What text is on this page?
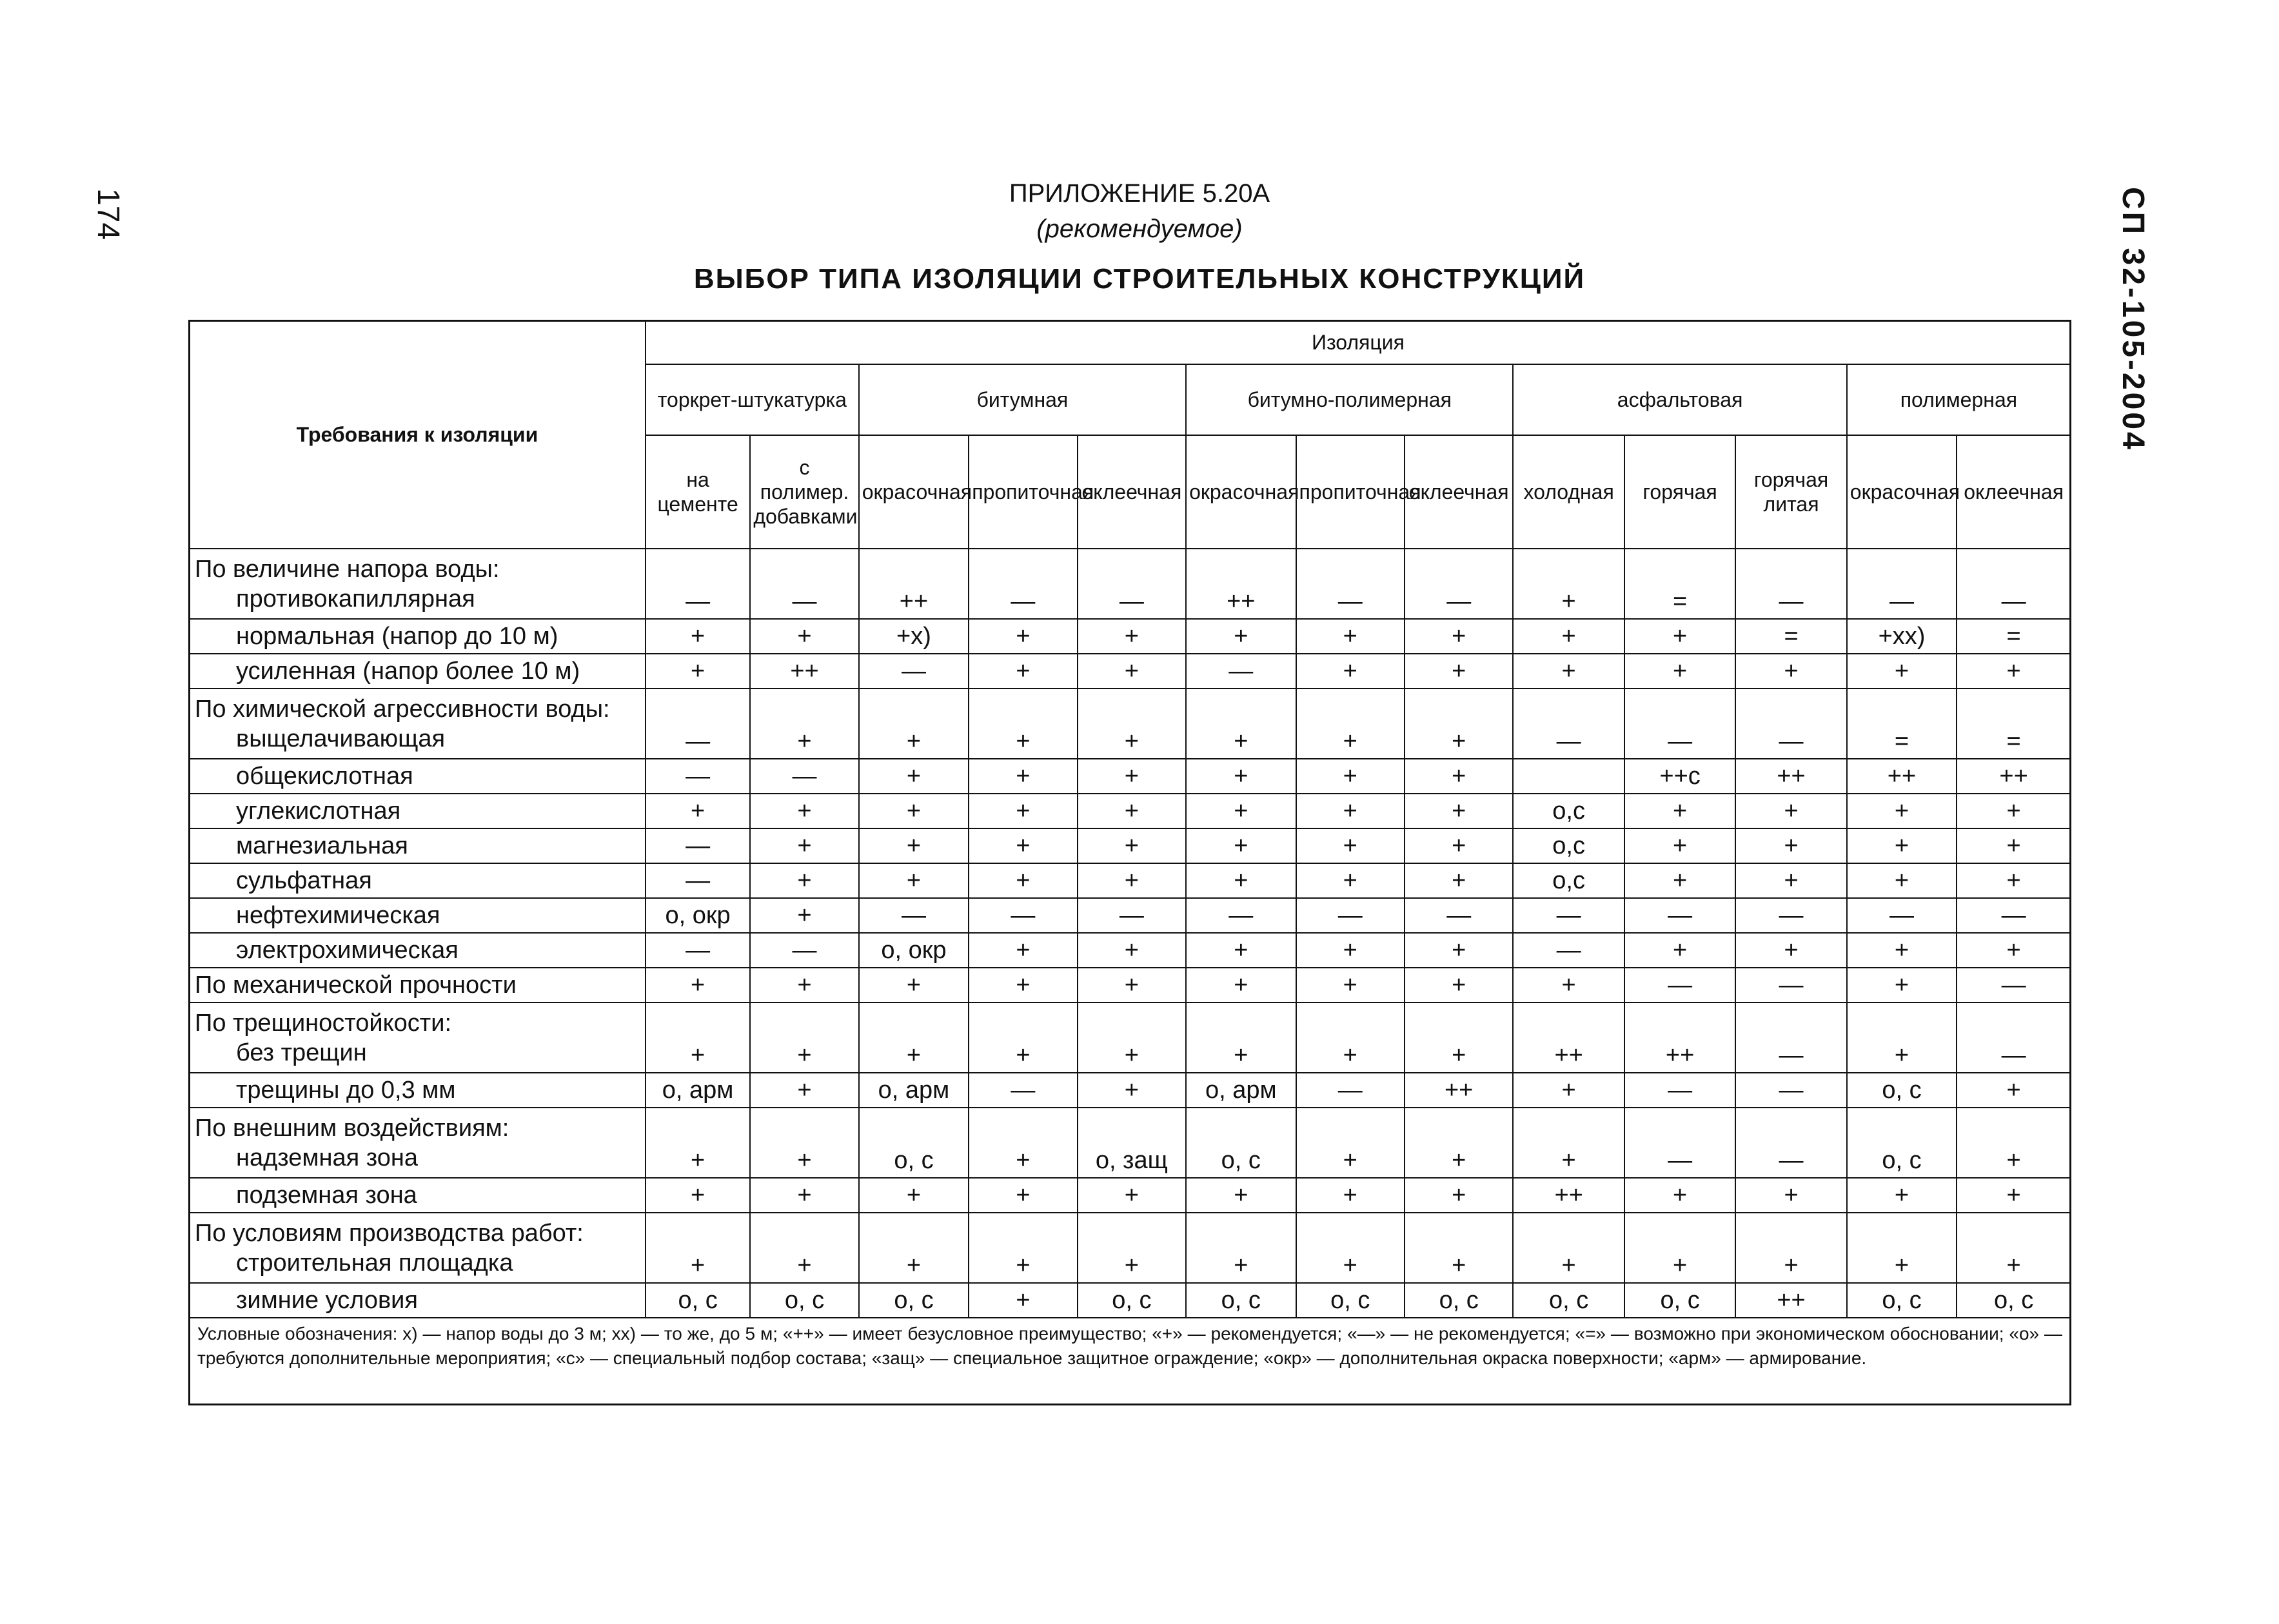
174	СП 32-105-2004
ПРИЛОЖЕНИЕ 5.20А
(рекомендуемое)
ВЫБОР ТИПА ИЗОЛЯЦИИ СТРОИТЕЛЬНЫХ КОНСТРУКЦИЙ
Требования к изоляции	Изоляция												
	торкрет-штукатурка		битумная			битумно-полимерная			асфальтовая			полимерная	
	на цементе	с полимер. добавками	окрасочная	пропиточная	оклеечная	окрасочная	пропиточная	оклеечная	холодная	горячая	горячая литая	окрасочная	оклеечная

По величине напора воды:
противокапиллярная	—	—	++	—	—	++	—	—	+	=	—	—	—

нормальная (напор до 10 м)	+	+	+х)	+	+	+	+	+	+	+	=	+хх)	=

усиленная (напор более 10 м)	+	++	—	+	+	—	+	+	+	+	+	+	+

По химической агрессивности воды:
выщелачивающая	—	+	+	+	+	+	+	+	—	—	—	=	=

общекислотная	—	—	+	+	+	+	+	+		++с	++	++	++

углекислотная	+	+	+	+	+	+	+	+	о,с	+	+	+	+

магнезиальная	—	+	+	+	+	+	+	+	о,с	+	+	+	+

сульфатная	—	+	+	+	+	+	+	+	о,с	+	+	+	+

нефтехимическая	о, окр	+	—	—	—	—	—	—	—	—	—	—	—

электрохимическая	—	—	о, окр	+	+	+	+	+	—	+	+	+	+

По механической прочности	+	+	+	+	+	+	+	+	+	—	—	+	—

По трещиностойкости:
без трещин	+	+	+	+	+	+	+	+	++	++	—	+	—

трещины до 0,3 мм	о, арм	+	о, арм	—	+	о, арм	—	++	+	—	—	о, с	+

По внешним воздействиям:
надземная зона	+	+	о, с	+	о, защ	о, с	+	+	+	—	—	о, с	+

подземная зона	+	+	+	+	+	+	+	+	++	+	+	+	+

По условиям производства работ:
строительная площадка	+	+	+	+	+	+	+	+	+	+	+	+	+

зимние условия	о, с	о, с	о, с	+	о, с	о, с	о, с	о, с	о, с	о, с	++	о, с	о, с
Условные обозначения: х) — напор воды до 3 м; хх) — то же, до 5 м; «++» — имеет безусловное преимущество; «+» — рекомендуется; «—» — не рекомендуется; «=» — возможно при экономическом обосновании; «о» — требуются дополнительные мероприятия; «с» — специальный подбор состава; «защ» — специальное защитное ограждение; «окр» — дополнительная окраска поверхности; «арм» — армирование.
